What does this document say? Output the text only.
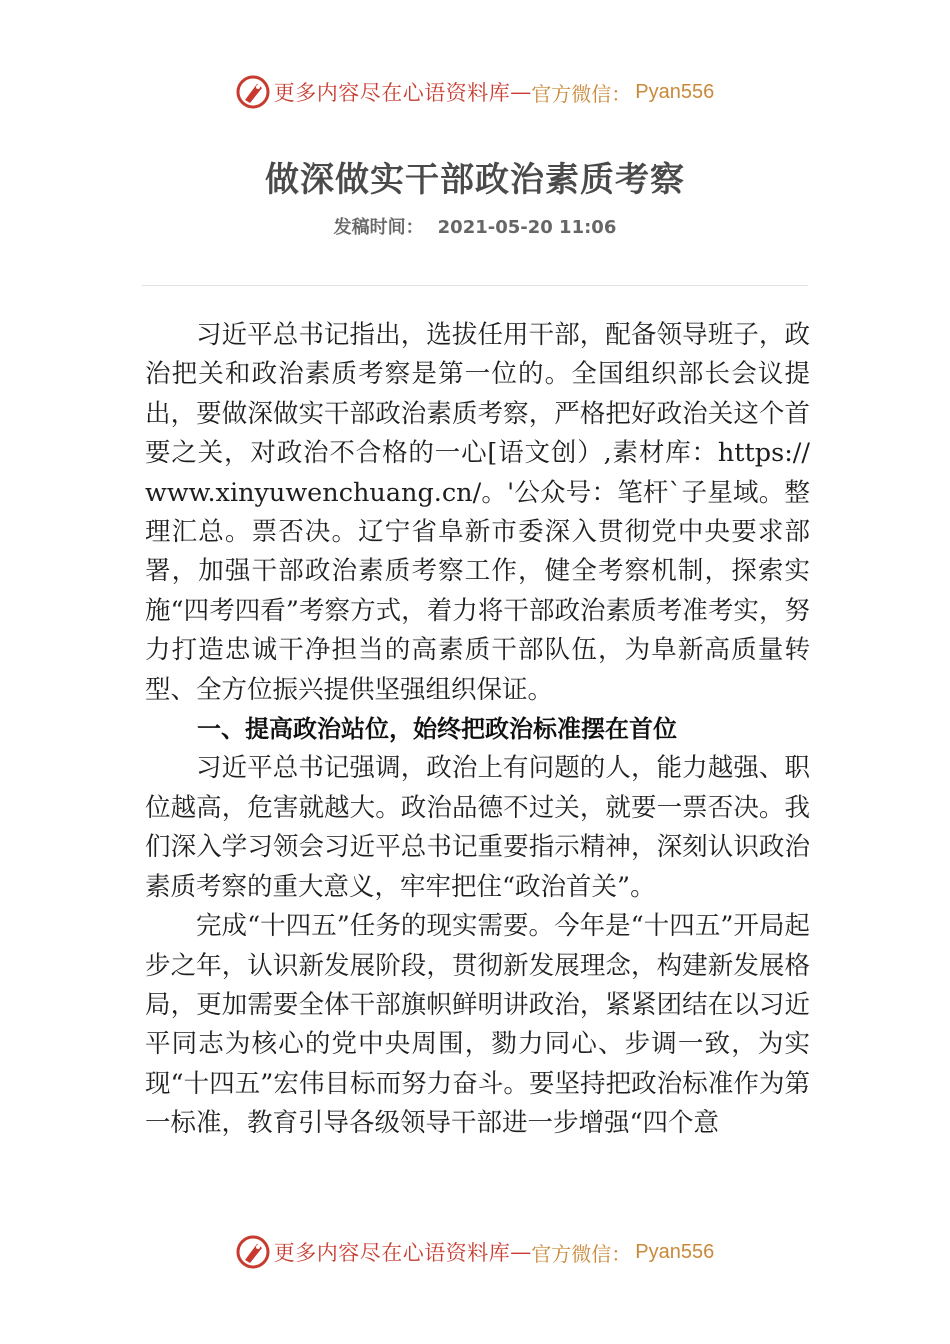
更多内容尽在心语资料库 — 官方微信： Pyan556
做深做实干部政治素质考察
发稿时间： 2021-05-20 11:06

习近平总书记指出，选拔任用干部，配备领导班子，政治把关和政治素质考察是第一位的。全国组织部长会议提出，要做深做实干部政治素质考察，严格把好政治关这个首要之关，对政治不合格的一心[语文创）,素材库：https://www.xinyuwenchuang.cn/。'公众号：笔杆`子星域。整理汇总。票否决。辽宁省阜新市委深入贯彻党中央要求部署，加强干部政治素质考察工作，健全考察机制，探索实施“四考四看”考察方式，着力将干部政治素质考准考实，努力打造忠诚干净担当的高素质干部队伍，为阜新高质量转型、全方位振兴提供坚强组织保证。

一、提高政治站位，始终把政治标准摆在首位

习近平总书记强调，政治上有问题的人，能力越强、职位越高，危害就越大。政治品德不过关，就要一票否决。我们深入学习领会习近平总书记重要指示精神，深刻认识政治素质考察的重大意义，牢牢把住“政治首关”。

完成“十四五”任务的现实需要。今年是“十四五”开局起步之年，认识新发展阶段，贯彻新发展理念，构建新发展格局，更加需要全体干部旗帜鲜明讲政治，紧紧团结在以习近平同志为核心的党中央周围，勠力同心、步调一致，为实现“十四五”宏伟目标而努力奋斗。要坚持把政治标准作为第一标准，教育引导各级领导干部进一步增强“四个意

更多内容尽在心语资料库 — 官方微信： Pyan556
